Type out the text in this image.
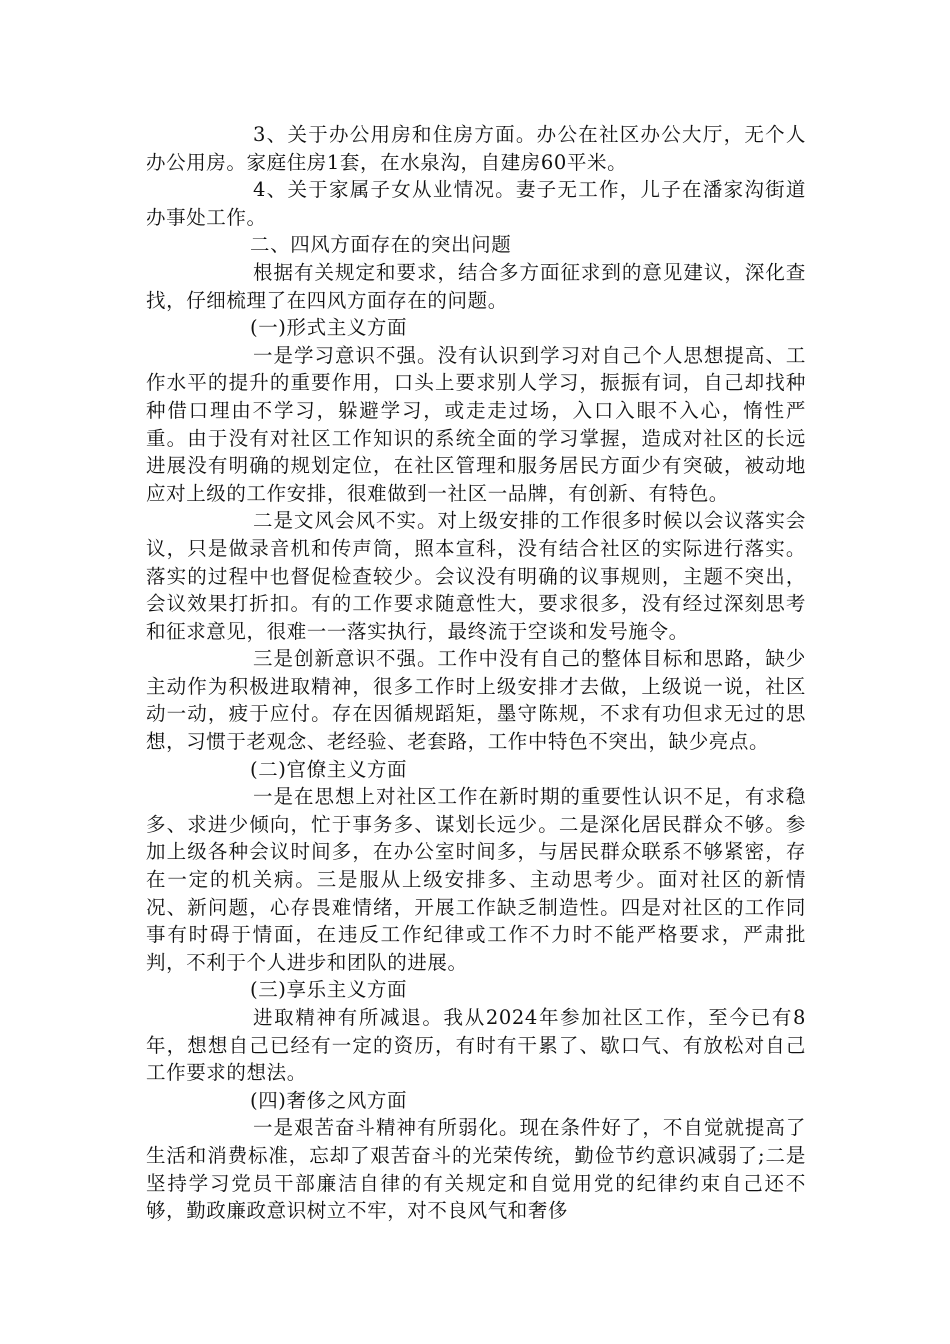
3、关于办公用房和住房方面。办公在社区办公大厅，无个人办公用房。家庭住房1套，在水泉沟，自建房60平米。

4、关于家属子女从业情况。妻子无工作，儿子在潘家沟街道办事处工作。

二、四风方面存在的突出问题

根据有关规定和要求，结合多方面征求到的意见建议，深化查找，仔细梳理了在四风方面存在的问题。

(一)形式主义方面

一是学习意识不强。没有认识到学习对自己个人思想提高、工作水平的提升的重要作用，口头上要求别人学习，振振有词，自己却找种种借口理由不学习，躲避学习，或走走过场，入口入眼不入心，惰性严重。由于没有对社区工作知识的系统全面的学习掌握，造成对社区的长远进展没有明确的规划定位，在社区管理和服务居民方面少有突破，被动地应对上级的工作安排，很难做到一社区一品牌，有创新、有特色。

二是文风会风不实。对上级安排的工作很多时候以会议落实会议，只是做录音机和传声筒，照本宣科，没有结合社区的实际进行落实。落实的过程中也督促检查较少。会议没有明确的议事规则，主题不突出，会议效果打折扣。有的工作要求随意性大，要求很多，没有经过深刻思考和征求意见，很难一一落实执行，最终流于空谈和发号施令。

三是创新意识不强。工作中没有自己的整体目标和思路，缺少主动作为积极进取精神，很多工作时上级安排才去做，上级说一说，社区动一动，疲于应付。存在因循规蹈矩，墨守陈规，不求有功但求无过的思想，习惯于老观念、老经验、老套路，工作中特色不突出，缺少亮点。

(二)官僚主义方面

一是在思想上对社区工作在新时期的重要性认识不足，有求稳多、求进少倾向，忙于事务多、谋划长远少。二是深化居民群众不够。参加上级各种会议时间多，在办公室时间多，与居民群众联系不够紧密，存在一定的机关病。三是服从上级安排多、主动思考少。面对社区的新情况、新问题，心存畏难情绪，开展工作缺乏制造性。四是对社区的工作同事有时碍于情面，在违反工作纪律或工作不力时不能严格要求，严肃批判，不利于个人进步和团队的进展。

(三)享乐主义方面

进取精神有所减退。我从2024年参加社区工作，至今已有8年，想想自己已经有一定的资历，有时有干累了、歇口气、有放松对自己工作要求的想法。

(四)奢侈之风方面

一是艰苦奋斗精神有所弱化。现在条件好了，不自觉就提高了生活和消费标准，忘却了艰苦奋斗的光荣传统，勤俭节约意识减弱了;二是坚持学习党员干部廉洁自律的有关规定和自觉用党的纪律约束自己还不够，勤政廉政意识树立不牢，对不良风气和奢侈
